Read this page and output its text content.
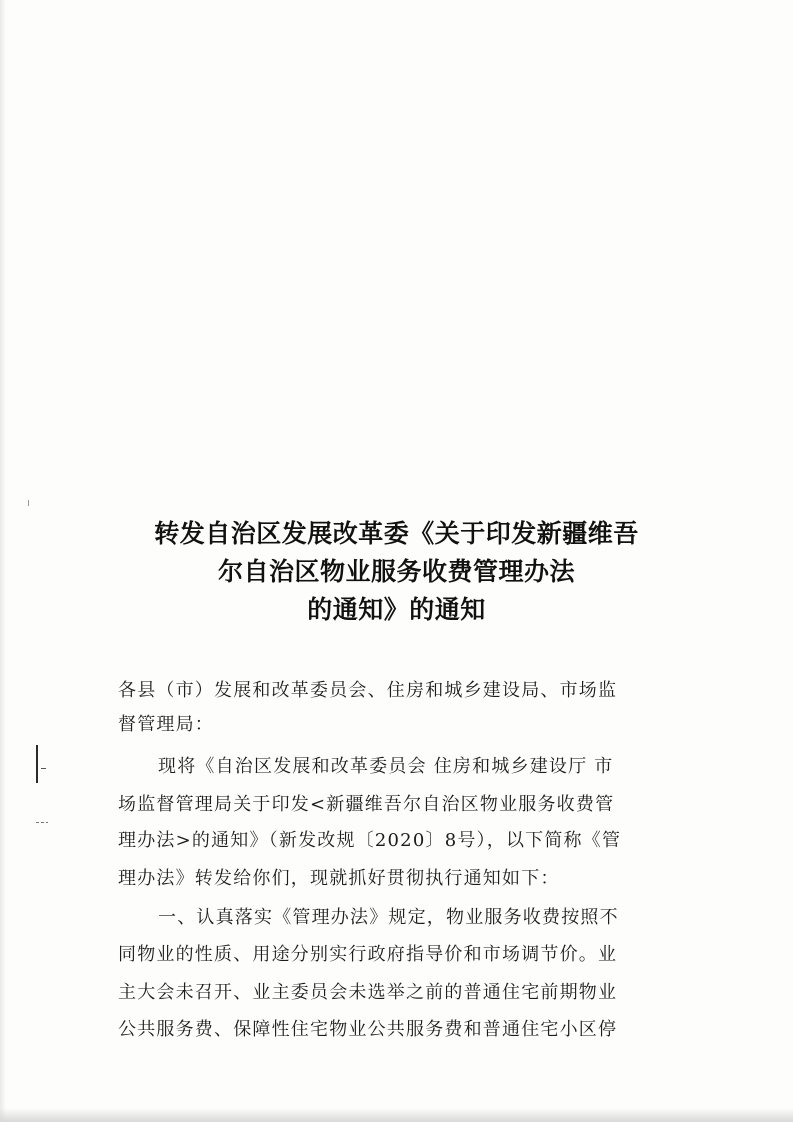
转发自治区发展改革委《关于印发新疆维吾
尔自治区物业服务收费管理办法
的通知》的通知
各县（市）发展和改革委员会、住房和城乡建设局、市场监
督管理局：
现将《自治区发展和改革委员会 住房和城乡建设厅 市
场监督管理局关于印发<新疆维吾尔自治区物业服务收费管
理办法>的通知》（新发改规〔2020〕8号），以下简称《管
理办法》转发给你们，现就抓好贯彻执行通知如下：
一、认真落实《管理办法》规定，物业服务收费按照不
同物业的性质、用途分别实行政府指导价和市场调节价。业
主大会未召开、业主委员会未选举之前的普通住宅前期物业
公共服务费、保障性住宅物业公共服务费和普通住宅小区停
